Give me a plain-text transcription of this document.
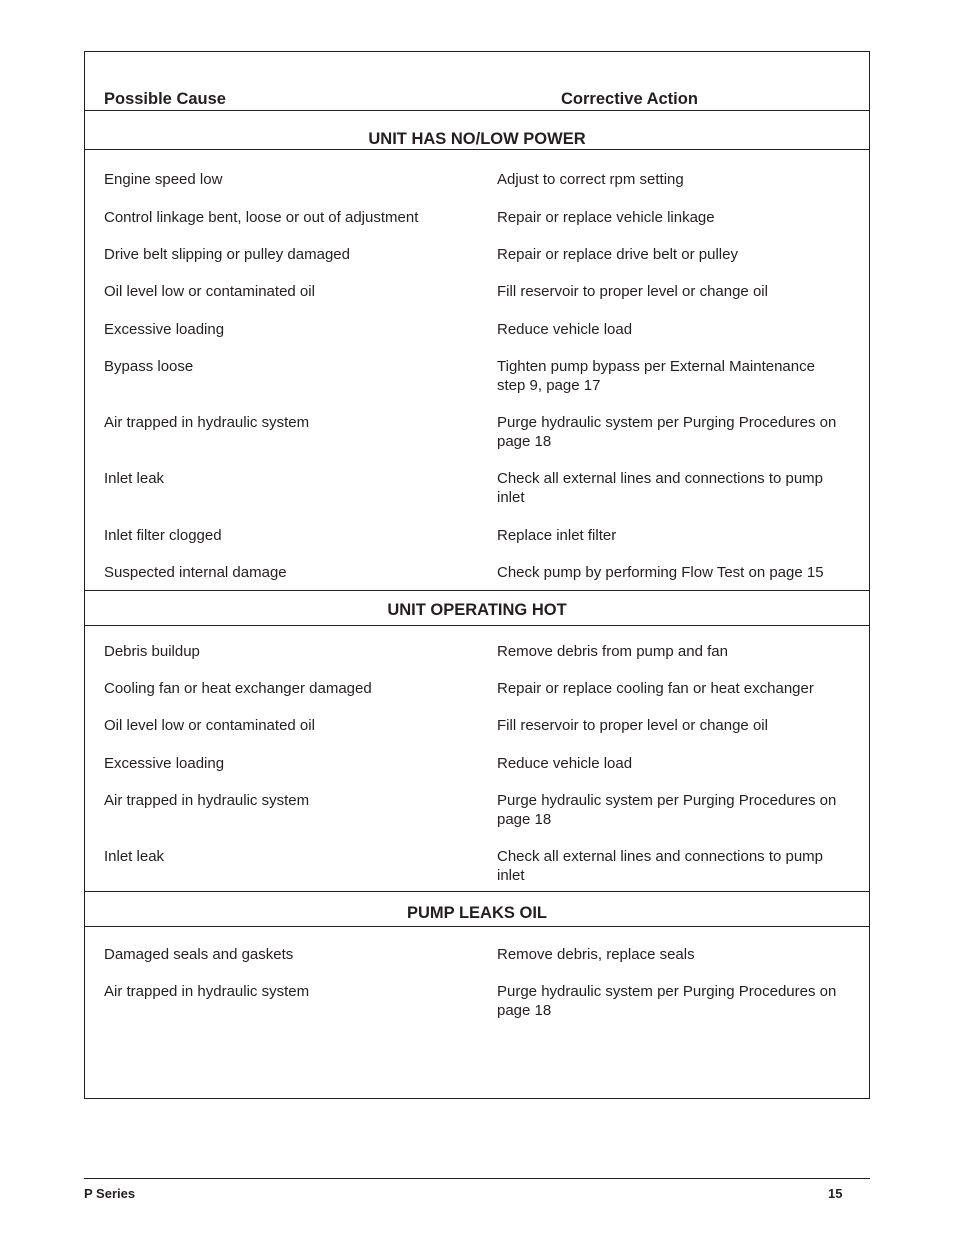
Possible Cause	Corrective Action
UNIT HAS NO/LOW POWER
Engine speed low	Adjust to correct rpm setting
Control linkage bent, loose or out of adjustment	Repair or replace vehicle linkage
Drive belt slipping or pulley damaged	Repair or replace drive belt or pulley
Oil level low or contaminated oil	Fill reservoir to proper level or change oil
Excessive loading	Reduce vehicle load
Bypass loose	Tighten pump bypass per External Maintenance step 9, page 17
Air trapped in hydraulic system	Purge hydraulic system per Purging Procedures on page 18
Inlet leak	Check all external lines and connections to pump inlet
Inlet filter clogged	Replace inlet filter
Suspected internal damage	Check pump by performing Flow Test on page 15
UNIT OPERATING HOT
Debris buildup	Remove debris from pump and fan
Cooling fan or heat exchanger damaged	Repair or replace cooling fan or heat exchanger
Oil level low or contaminated oil	Fill reservoir to proper level or change oil
Excessive loading	Reduce vehicle load
Air trapped in hydraulic system	Purge hydraulic system per Purging Procedures on page 18
Inlet leak	Check all external lines and connections to pump inlet
PUMP LEAKS OIL
Damaged seals and gaskets	Remove debris, replace seals
Air trapped in hydraulic system	Purge hydraulic system per Purging Procedures on page 18
P Series	15
